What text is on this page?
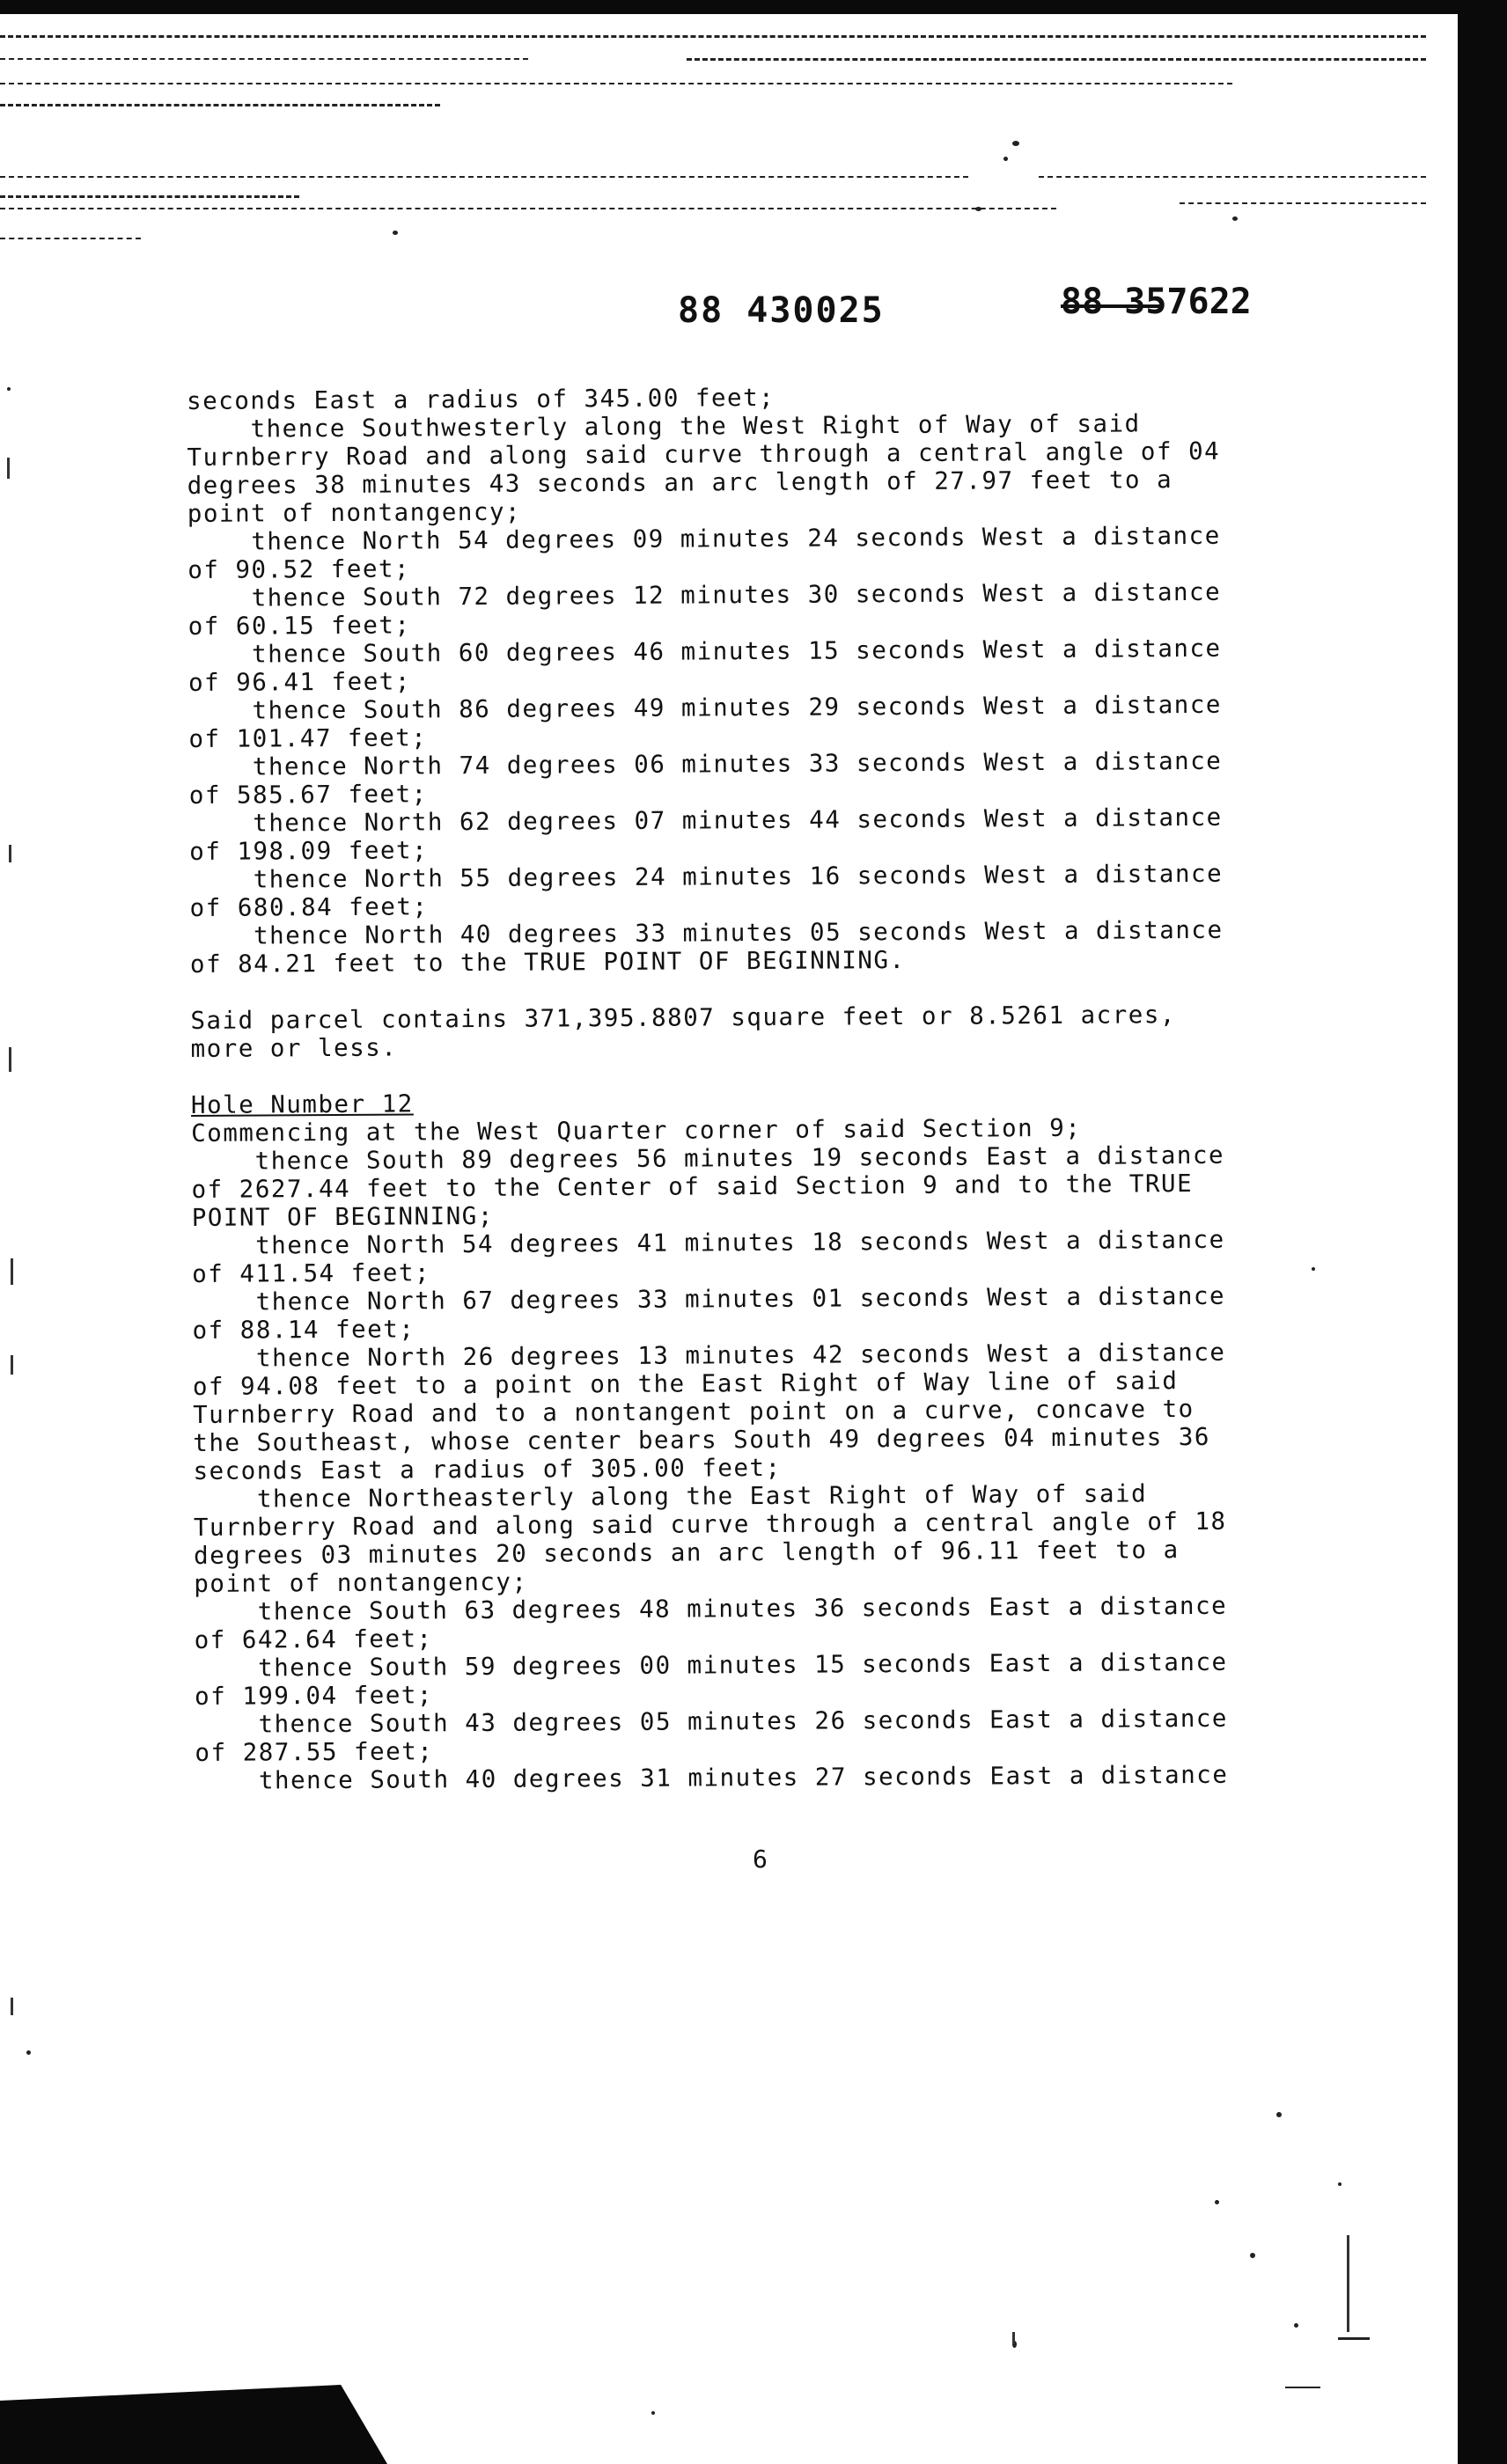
88 430025	88 357622
seconds East a radius of 345.00 feet;
thence Southwesterly along the West Right of Way of said
Turnberry Road and along said curve through a central angle of 04
degrees 38 minutes 43 seconds an arc length of 27.97 feet to a
point of nontangency;
thence North 54 degrees 09 minutes 24 seconds West a distance
of 90.52 feet;
thence South 72 degrees 12 minutes 30 seconds West a distance
of 60.15 feet;
thence South 60 degrees 46 minutes 15 seconds West a distance
of 96.41 feet;
thence South 86 degrees 49 minutes 29 seconds West a distance
of 101.47 feet;
thence North 74 degrees 06 minutes 33 seconds West a distance
of 585.67 feet;
thence North 62 degrees 07 minutes 44 seconds West a distance
of 198.09 feet;
thence North 55 degrees 24 minutes 16 seconds West a distance
of 680.84 feet;
thence North 40 degrees 33 minutes 05 seconds West a distance
of 84.21 feet to the TRUE POINT OF BEGINNING.
Said parcel contains 371,395.8807 square feet or 8.5261 acres,
more or less.
Hole Number 12
Commencing at the West Quarter corner of said Section 9;
thence South 89 degrees 56 minutes 19 seconds East a distance
of 2627.44 feet to the Center of said Section 9 and to the TRUE
POINT OF BEGINNING;
thence North 54 degrees 41 minutes 18 seconds West a distance
of 411.54 feet;
thence North 67 degrees 33 minutes 01 seconds West a distance
of 88.14 feet;
thence North 26 degrees 13 minutes 42 seconds West a distance
of 94.08 feet to a point on the East Right of Way line of said
Turnberry Road and to a nontangent point on a curve, concave to
the Southeast, whose center bears South 49 degrees 04 minutes 36
seconds East a radius of 305.00 feet;
thence Northeasterly along the East Right of Way of said
Turnberry Road and along said curve through a central angle of 18
degrees 03 minutes 20 seconds an arc length of 96.11 feet to a
point of nontangency;
thence South 63 degrees 48 minutes 36 seconds East a distance
of 642.64 feet;
thence South 59 degrees 00 minutes 15 seconds East a distance
of 199.04 feet;
thence South 43 degrees 05 minutes 26 seconds East a distance
of 287.55 feet;
thence South 40 degrees 31 minutes 27 seconds East a distance
6
